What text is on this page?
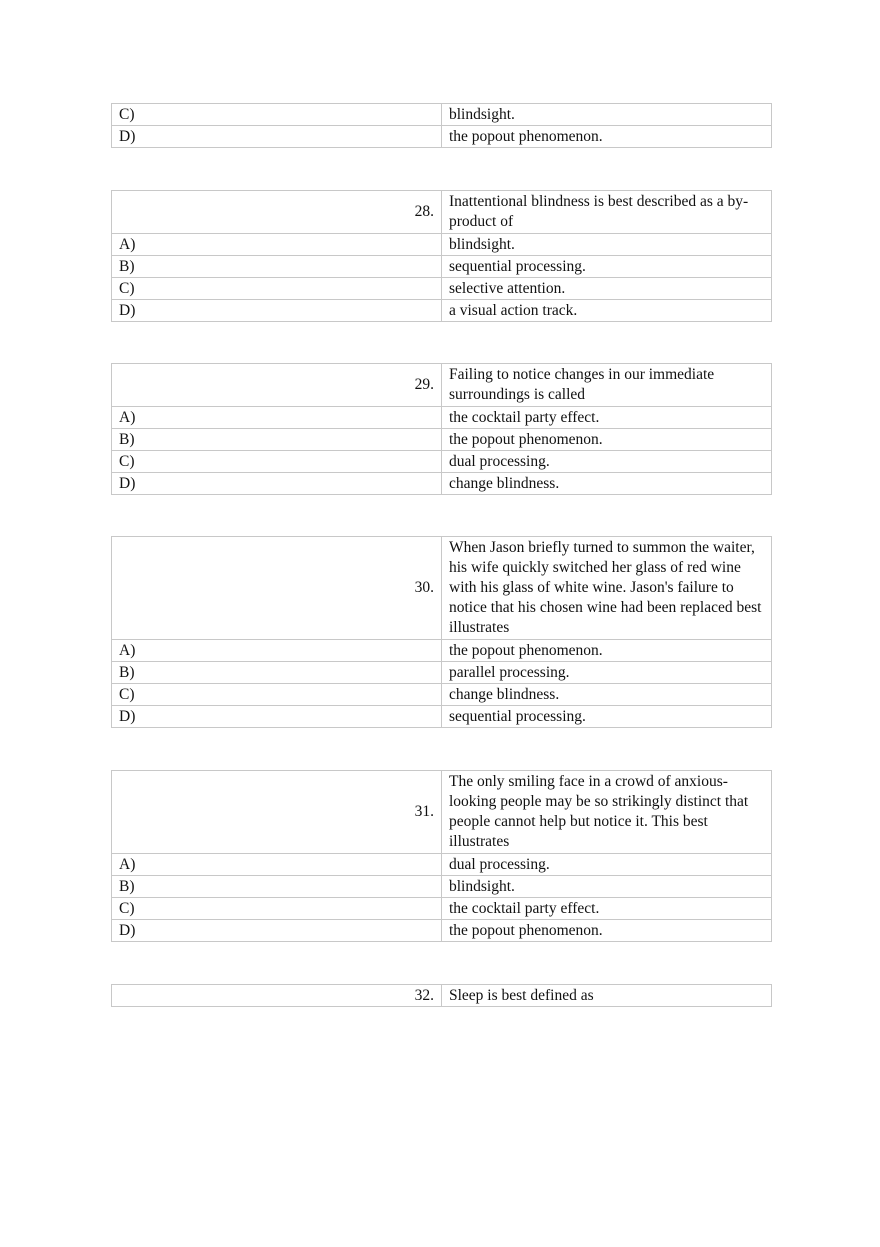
C)	blindsight.
D)	the popout phenomenon.
28.	Inattentional blindness is best described as a by-product of
A)	blindsight.
B)	sequential processing.
C)	selective attention.
D)	a visual action track.
29.	Failing to notice changes in our immediate surroundings is called
A)	the cocktail party effect.
B)	the popout phenomenon.
C)	dual processing.
D)	change blindness.
30.	When Jason briefly turned to summon the waiter, his wife quickly switched her glass of red wine with his glass of white wine. Jason's failure to notice that his chosen wine had been replaced best illustrates
A)	the popout phenomenon.
B)	parallel processing.
C)	change blindness.
D)	sequential processing.
31.	The only smiling face in a crowd of anxious-looking people may be so strikingly distinct that people cannot help but notice it. This best illustrates
A)	dual processing.
B)	blindsight.
C)	the cocktail party effect.
D)	the popout phenomenon.
32.	Sleep is best defined as
